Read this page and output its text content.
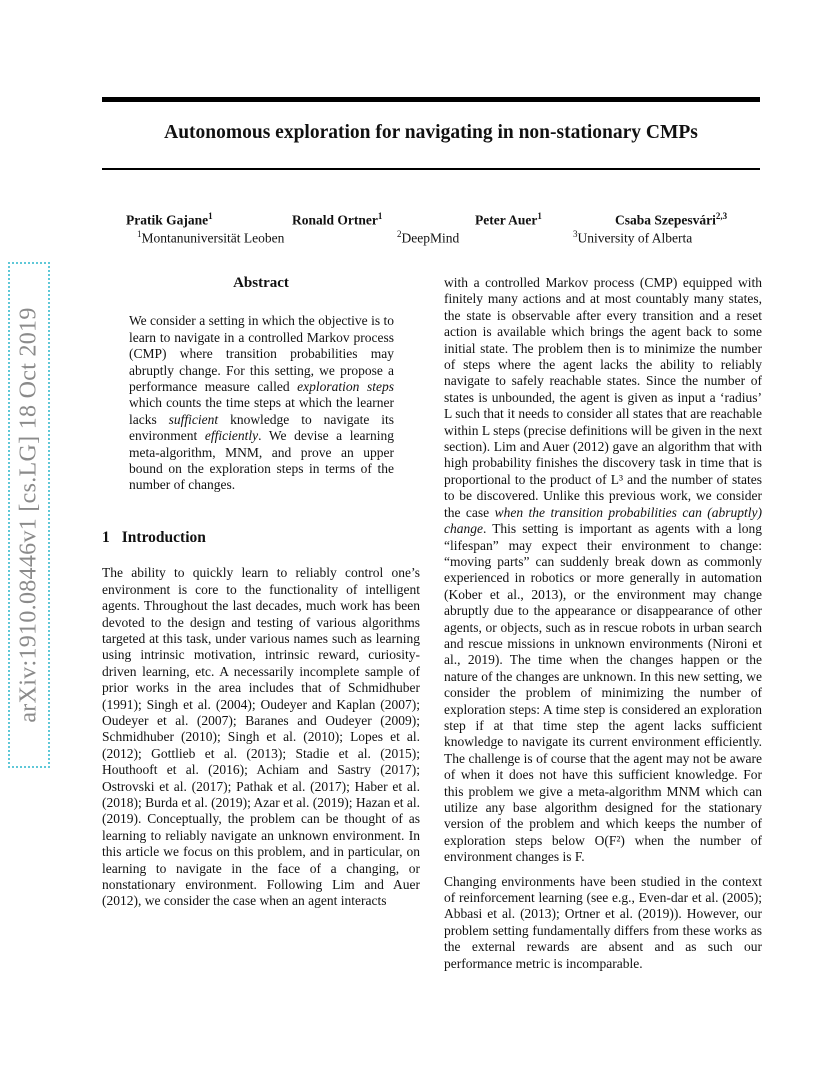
Autonomous exploration for navigating in non-stationary CMPs
arXiv:1910.08446v1 [cs.LG] 18 Oct 2019
Pratik Gajane$^1$	Ronald Ortner$^1$	Peter Auer$^1$	Csaba Szepesvári$^{2,3}$
$^1$Montanuniversität Leoben	$^2$DeepMind	$^3$University of Alberta
Abstract
We consider a setting in which the objective is to learn to navigate in a controlled Markov process (CMP) where transition probabilities may abruptly change. For this setting, we propose a performance measure called exploration steps which counts the time steps at which the learner lacks sufficient knowledge to navigate its environment efficiently. We devise a learning meta-algorithm, MNM, and prove an upper bound on the exploration steps in terms of the number of changes.
1 Introduction

The ability to quickly learn to reliably control one’s environment is core to the functionality of intelligent agents. Throughout the last decades, much work has been devoted to the design and testing of various algorithms targeted at this task, under various names such as learning using intrinsic motivation, intrinsic reward, curiosity-driven learning, etc. A necessarily incomplete sample of prior works in the area includes that of Schmidhuber (1991); Singh et al. (2004); Oudeyer and Kaplan (2007); Oudeyer et al. (2007); Baranes and Oudeyer (2009); Schmidhuber (2010); Singh et al. (2010); Lopes et al. (2012); Gottlieb et al. (2013); Stadie et al. (2015); Houthooft et al. (2016); Achiam and Sastry (2017); Ostrovski et al. (2017); Pathak et al. (2017); Haber et al. (2018); Burda et al. (2019); Azar et al. (2019); Hazan et al. (2019). Conceptually, the problem can be thought of as learning to reliably navigate an unknown environment. In this article we focus on this problem, and in particular, on learning to navigate in the face of a changing, or nonstationary environment. Following Lim and Auer (2012), we consider the case when an agent interacts

with a controlled Markov process (CMP) equipped with finitely many actions and at most countably many states, the state is observable after every transition and a reset action is available which brings the agent back to some initial state. The problem then is to minimize the number of steps where the agent lacks the ability to reliably navigate to safely reachable states. Since the number of states is unbounded, the agent is given as input a ‘radius’ L such that it needs to consider all states that are reachable within L steps (precise definitions will be given in the next section). Lim and Auer (2012) gave an algorithm that with high probability finishes the discovery task in time that is proportional to the product of L³ and the number of states to be discovered. Unlike this previous work, we consider the case when the transition probabilities can (abruptly) change. This setting is important as agents with a long “lifespan” may expect their environment to change: “moving parts” can suddenly break down as commonly experienced in robotics or more generally in automation (Kober et al., 2013), or the environment may change abruptly due to the appearance or disappearance of other agents, or objects, such as in rescue robots in urban search and rescue missions in unknown environments (Nironi et al., 2019). The time when the changes happen or the nature of the changes are unknown. In this new setting, we consider the problem of minimizing the number of exploration steps: A time step is considered an exploration step if at that time step the agent lacks sufficient knowledge to navigate its current environment efficiently. The challenge is of course that the agent may not be aware of when it does not have this sufficient knowledge. For this problem we give a meta-algorithm MNM which can utilize any base algorithm designed for the stationary version of the problem and which keeps the number of exploration steps below O(F²) when the number of environment changes is F.

Changing environments have been studied in the context of reinforcement learning (see e.g., Even-dar et al. (2005); Abbasi et al. (2013); Ortner et al. (2019)). However, our problem setting fundamentally differs from these works as the external rewards are absent and as such our performance metric is incomparable.
